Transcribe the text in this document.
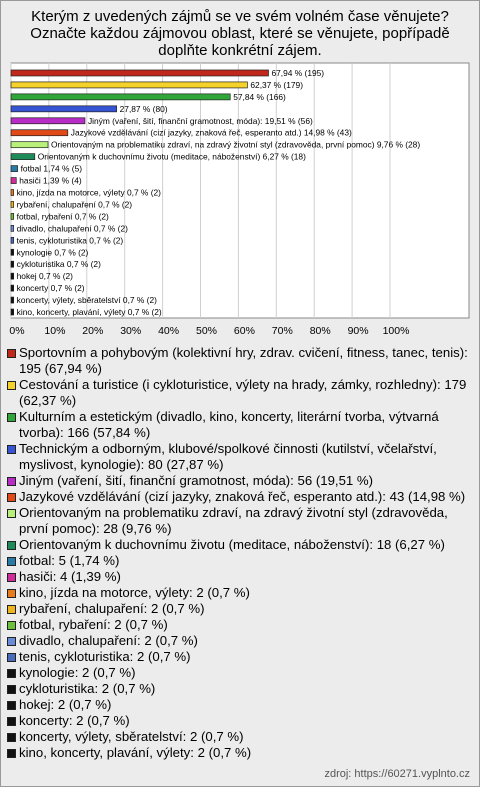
Kterým z uvedených zájmů se ve svém volném čase věnujete? Označte každou zájmovou oblast, které se věnujete, popřípadě doplňte konkrétní zájem.
0% 10% 20% 30% 40% 50% 60% 70% 80% 90% 100%
67,94 % (195)
62,37 % (179)
57,84 % (166)
27,87 % (80)
Jiným (vaření, šití, finanční gramotnost, móda): 19,51 % (56)
Jazykové vzdělávání (cizí jazyky, znaková řeč, esperanto atd.) 14,98 % (43)
Orientovaným na problematiku zdraví, na zdravý životní styl (zdravověda, první pomoc) 9,76 % (28)
Orientovaným k duchovnímu životu (meditace, náboženství) 6,27 % (18)
fotbal 1,74 % (5)
hasiči 1,39 % (4)
kino, jízda na motorce, výlety 0,7 % (2)
rybaření, chalupaření 0,7 % (2)
fotbal, rybaření 0,7 % (2)
divadlo, chalupaření 0,7 % (2)
tenis, cykloturistika 0,7 % (2)
kynologie 0,7 % (2)
cykloturistika 0,7 % (2)
hokej 0,7 % (2)
koncerty 0,7 % (2)
koncerty, výlety, sběratelství 0,7 % (2)
kino, koncerty, plavání, výlety 0,7 % (2)
Sportovním a pohybovým (kolektivní hry, zdrav. cvičení, fitness, tanec, tenis): 195 (67,94 %)
Cestování a turistice (i cykloturistice, výlety na hrady, zámky, rozhledny): 179 (62,37 %)
Kulturním a estetickým (divadlo, kino, koncerty, literární tvorba, výtvarná tvorba): 166 (57,84 %)
Technickým a odborným, klubové/spolkové činnosti (kutilství, včelařství, myslivost, kynologie): 80 (27,87 %)
Jiným (vaření, šití, finanční gramotnost, móda): 56 (19,51 %)
Jazykové vzdělávání (cizí jazyky, znaková řeč, esperanto atd.): 43 (14,98 %)
Orientovaným na problematiku zdraví, na zdravý životní styl (zdravověda, první pomoc): 28 (9,76 %)
Orientovaným k duchovnímu životu (meditace, náboženství): 18 (6,27 %)
fotbal: 5 (1,74 %)
hasiči: 4 (1,39 %)
kino, jízda na motorce, výlety: 2 (0,7 %)
rybaření, chalupaření: 2 (0,7 %)
fotbal, rybaření: 2 (0,7 %)
divadlo, chalupaření: 2 (0,7 %)
tenis, cykloturistika: 2 (0,7 %)
kynologie: 2 (0,7 %)
cykloturistika: 2 (0,7 %)
hokej: 2 (0,7 %)
koncerty: 2 (0,7 %)
koncerty, výlety, sběratelství: 2 (0,7 %)
kino, koncerty, plavání, výlety: 2 (0,7 %)
zdroj: https://60271.vyplnto.cz
